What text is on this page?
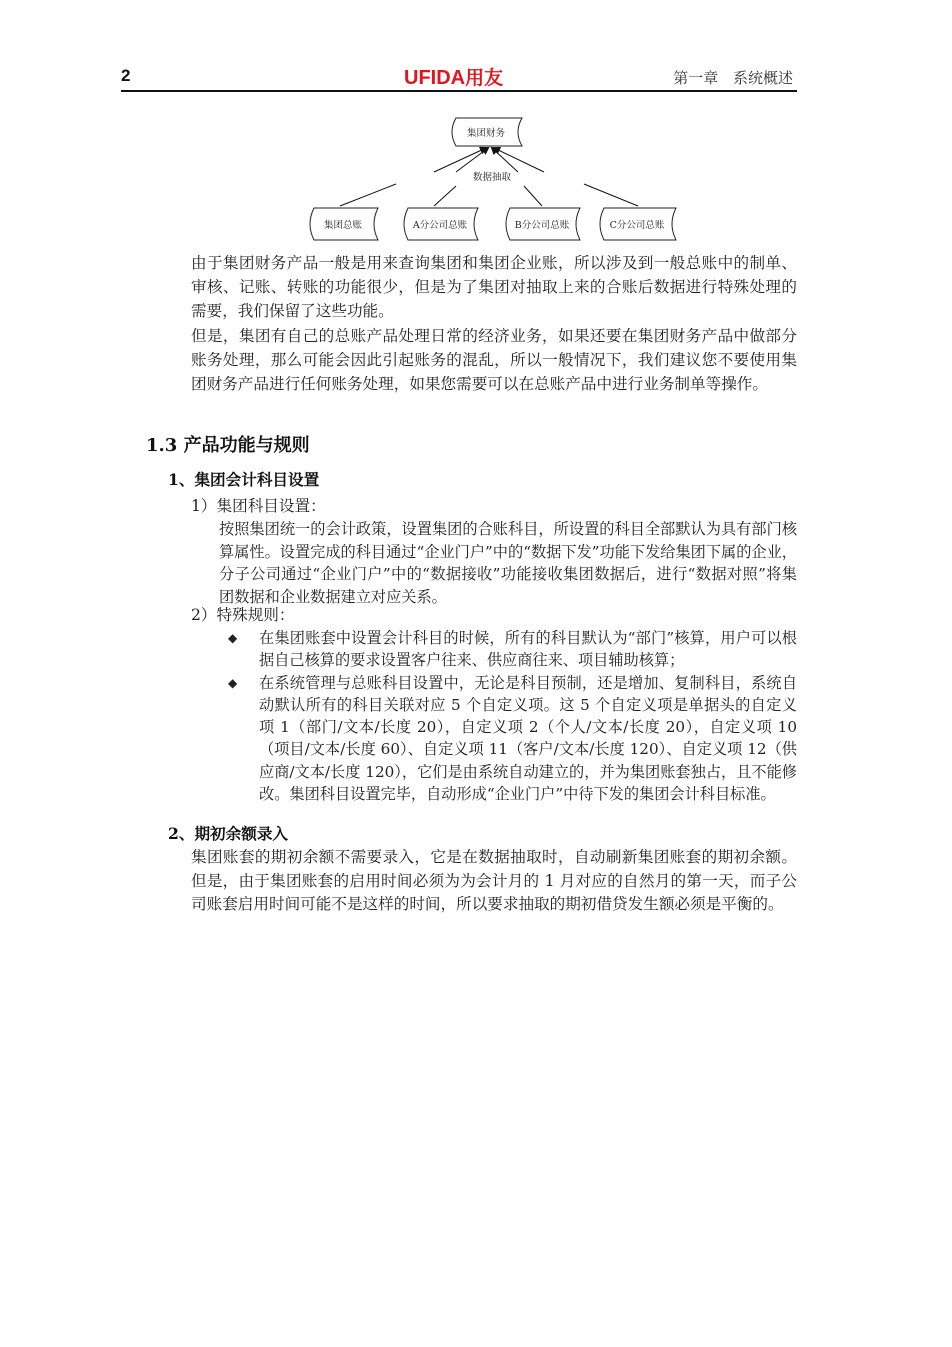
2	UFIDA用友	第一章 系统概述
集团财务
数据抽取
集团总账	A分公司总账	B分公司总账	C分公司总账

由于集团财务产品一般是用来查询集团和集团企业账，所以涉及到一般总账中的制单、审核、记账、转账的功能很少，但是为了集团对抽取上来的合账后数据进行特殊处理的需要，我们保留了这些功能。

但是，集团有自己的总账产品处理日常的经济业务，如果还要在集团财务产品中做部分账务处理，那么可能会因此引起账务的混乱，所以一般情况下，我们建议您不要使用集团财务产品进行任何账务处理，如果您需要可以在总账产品中进行业务制单等操作。

1.3 产品功能与规则
1、集团会计科目设置

1）集团科目设置：

按照集团统一的会计政策，设置集团的合账科目，所设置的科目全部默认为具有部门核算属性。设置完成的科目通过“企业门户”中的“数据下发”功能下发给集团下属的企业，分子公司通过“企业门户”中的“数据接收”功能接收集团数据后，进行“数据对照”将集团数据和企业数据建立对应关系。

2）特殊规则：

◆ 在集团账套中设置会计科目的时候，所有的科目默认为“部门”核算，用户可以根据自己核算的要求设置客户往来、供应商往来、项目辅助核算；
◆ 在系统管理与总账科目设置中，无论是科目预制，还是增加、复制科目，系统自动默认所有的科目关联对应 5 个自定义项。这 5 个自定义项是单据头的自定义项 1（部门/文本/长度 20），自定义项 2（个人/文本/长度 20），自定义项 10（项目/文本/长度 60）、自定义项 11（客户/文本/长度 120）、自定义项 12（供应商/文本/长度 120），它们是由系统自动建立的，并为集团账套独占，且不能修改。集团科目设置完毕，自动形成“企业门户”中待下发的集团会计科目标准。
2、期初余额录入

集团账套的期初余额不需要录入，它是在数据抽取时，自动刷新集团账套的期初余额。但是，由于集团账套的启用时间必须为为会计月的 1 月对应的自然月的第一天，而子公司账套启用时间可能不是这样的时间，所以要求抽取的期初借贷发生额必须是平衡的。
